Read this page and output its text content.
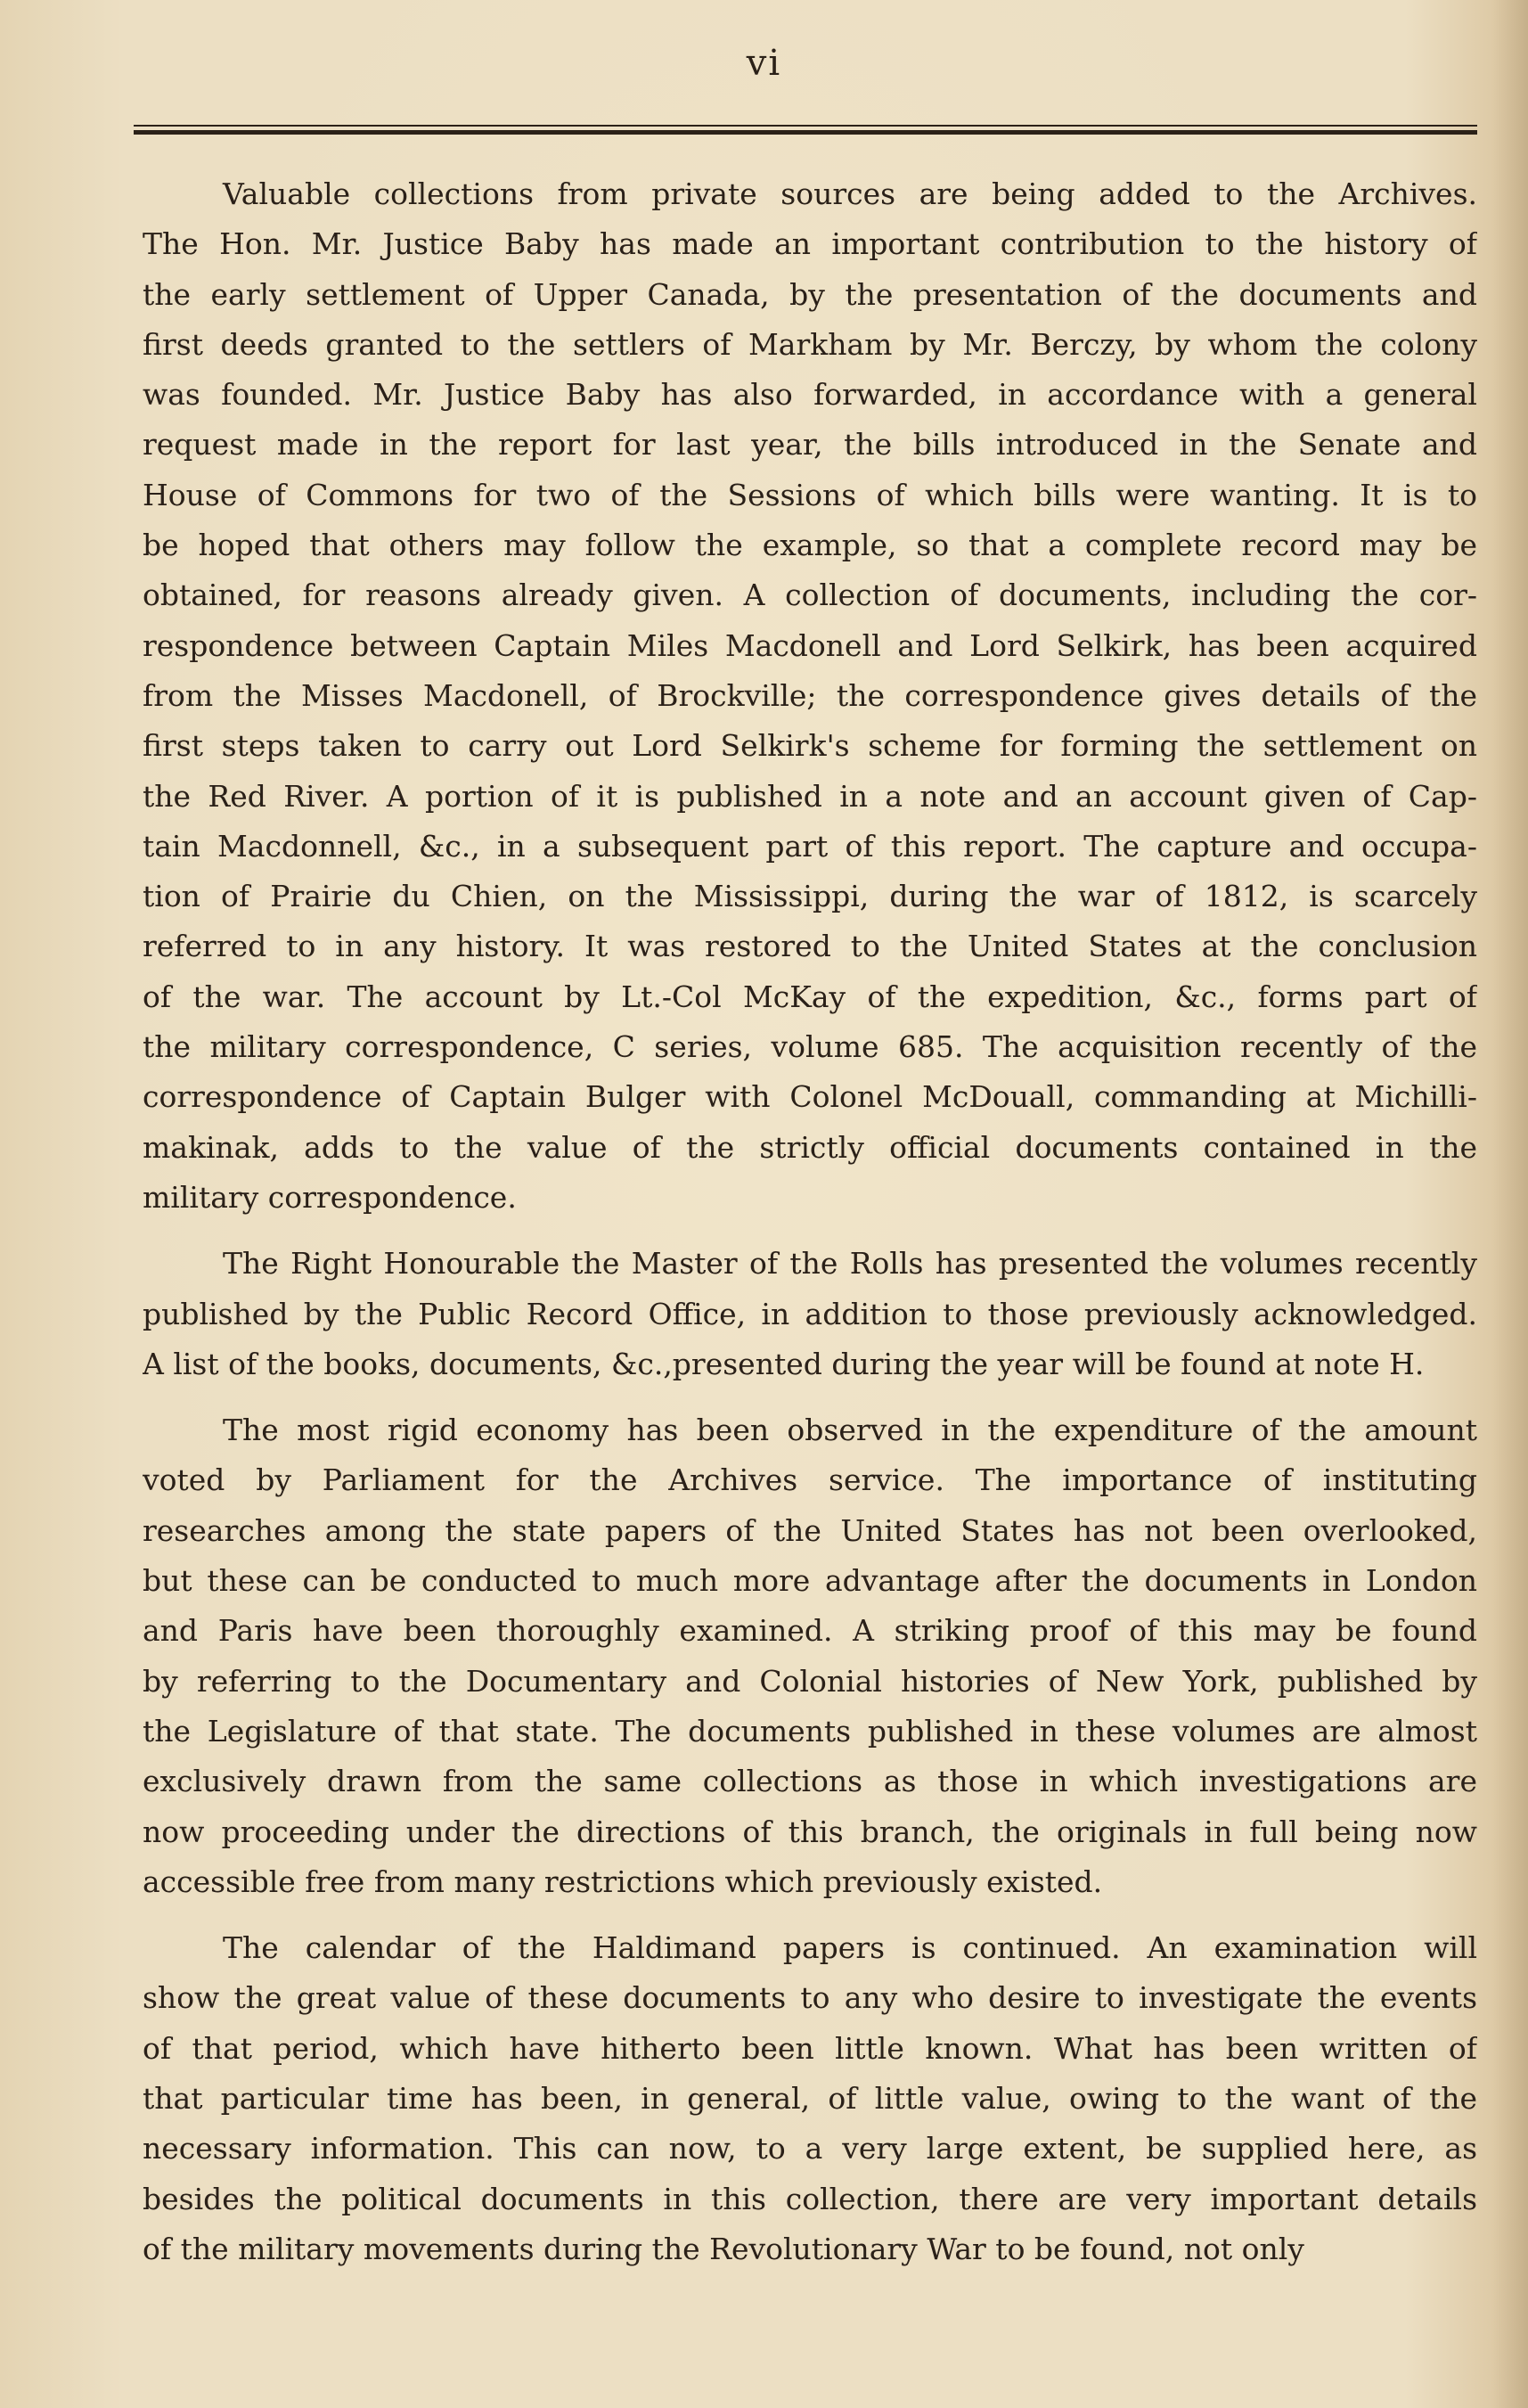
vi
Valuable collections from private sources are being added to the Archives.
The Hon. Mr. Justice Baby has made an important contribution to the history of
the early settlement of Upper Canada, by the presentation of the documents and
first deeds granted to the settlers of Markham by Mr. Berczy, by whom the colony
was founded. Mr. Justice Baby has also forwarded, in accordance with a general
request made in the report for last year, the bills introduced in the Senate and
House of Commons for two of the Sessions of which bills were wanting. It is to
be hoped that others may follow the example, so that a complete record may be
obtained, for reasons already given. A collection of documents, including the cor-
respondence between Captain Miles Macdonell and Lord Selkirk, has been acquired
from the Misses Macdonell, of Brockville; the correspondence gives details of the
first steps taken to carry out Lord Selkirk's scheme for forming the settlement on
the Red River. A portion of it is published in a note and an account given of Cap-
tain Macdonnell, &c., in a subsequent part of this report. The capture and occupa-
tion of Prairie du Chien, on the Mississippi, during the war of 1812, is scarcely
referred to in any history. It was restored to the United States at the conclusion
of the war. The account by Lt.-Col McKay of the expedition, &c., forms part of
the military correspondence, C series, volume 685. The acquisition recently of the
correspondence of Captain Bulger with Colonel McDouall, commanding at Michilli-
makinak, adds to the value of the strictly official documents contained in the
military correspondence.
The Right Honourable the Master of the Rolls has presented the volumes recently
published by the Public Record Office, in addition to those previously acknowledged.
A list of the books, documents, &c.,presented during the year will be found at note H.
The most rigid economy has been observed in the expenditure of the amount
voted by Parliament for the Archives service. The importance of instituting
researches among the state papers of the United States has not been overlooked,
but these can be conducted to much more advantage after the documents in London
and Paris have been thoroughly examined. A striking proof of this may be found
by referring to the Documentary and Colonial histories of New York, published by
the Legislature of that state. The documents published in these volumes are almost
exclusively drawn from the same collections as those in which investigations are
now proceeding under the directions of this branch, the originals in full being now
accessible free from many restrictions which previously existed.
The calendar of the Haldimand papers is continued. An examination will
show the great value of these documents to any who desire to investigate the events
of that period, which have hitherto been little known. What has been written of
that particular time has been, in general, of little value, owing to the want of the
necessary information. This can now, to a very large extent, be supplied here, as
besides the political documents in this collection, there are very important details
of the military movements during the Revolutionary War to be found, not only
